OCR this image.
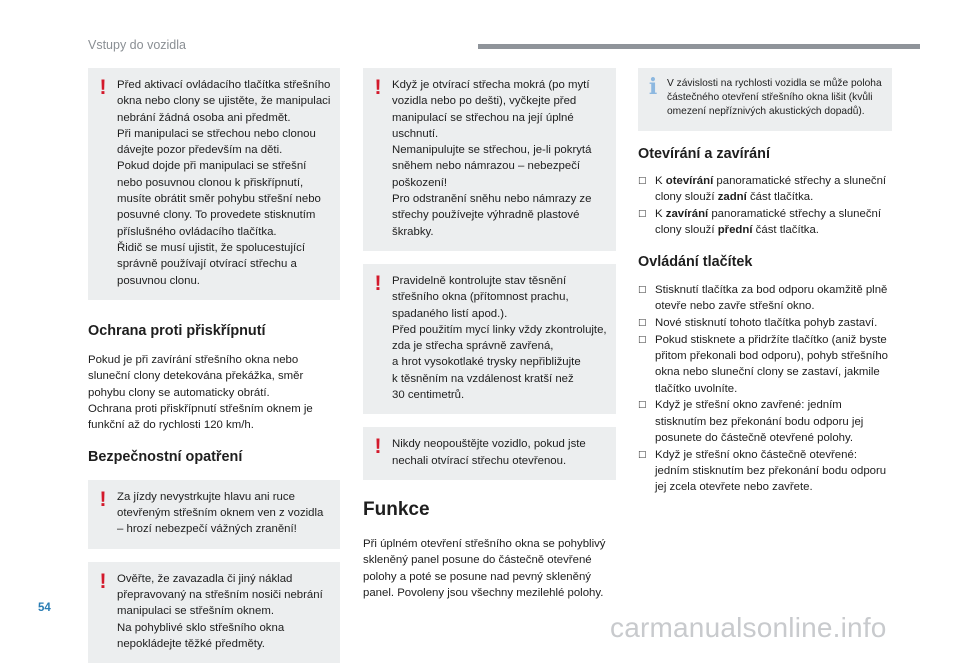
Vstupy do vozidla
! Před aktivací ovládacího tlačítka střešního okna nebo clony se ujistěte, že manipulaci nebrání žádná osoba ani předmět.
Při manipulaci se střechou nebo clonou dávejte pozor především na děti.
Pokud dojde při manipulaci se střešní nebo posuvnou clonou k přiskřípnutí, musíte obrátit směr pohybu střešní nebo posuvné clony. To provedete stisknutím příslušného ovládacího tlačítka.
Řidič se musí ujistit, že spolucestující správně používají otvírací střechu a posuvnou clonu.

Ochrana proti přiskřípnutí

Pokud je při zavírání střešního okna nebo sluneční clony detekována překážka, směr pohybu clony se automaticky obrátí.
Ochrana proti přiskřípnutí střešním oknem je funkční až do rychlosti 120 km/h.

Bezpečnostní opatření
! Za jízdy nevystrkujte hlavu ani ruce otevřeným střešním oknem ven z vozidla – hrozí nebezpečí vážných zranění!

! Ověřte, že zavazadla či jiný náklad přepravovaný na střešním nosiči nebrání manipulaci se střešním oknem.
Na pohyblivé sklo střešního okna nepokládejte těžké předměty.

! Když je otvírací střecha mokrá (po mytí vozidla nebo po dešti), vyčkejte před manipulací se střechou na její úplné uschnutí.
Nemanipulujte se střechou, je-li pokrytá sněhem nebo námrazou – nebezpečí poškození!
Pro odstranění sněhu nebo námrazy ze střechy používejte výhradně plastové škrabky.

! Pravidelně kontrolujte stav těsnění střešního okna (přítomnost prachu, spadaného listí apod.).
Před použitím mycí linky vždy zkontrolujte, zda je střecha správně zavřená,
a hrot vysokotlaké trysky nepřibližujte
k těsněním na vzdálenost kratší než
30 centimetrů.

! Nikdy neopouštějte vozidlo, pokud jste nechali otvírací střechu otevřenou.

Funkce

Při úplném otevření střešního okna se pohyblivý skleněný panel posune do částečně otevřené polohy a poté se posune nad pevný skleněný panel. Povoleny jsou všechny mezilehlé polohy.

i V závislosti na rychlosti vozidla se může poloha částečného otevření střešního okna lišit (kvůli omezení nepříznivých akustických dopadů).

Otevírání a zavírání
☐ K otevírání panoramatické střechy a sluneční clony slouží zadní část tlačítka.
☐ K zavírání panoramatické střechy a sluneční clony slouží přední část tlačítka.
Ovládání tlačítek
☐ Stisknutí tlačítka za bod odporu okamžitě plně otevře nebo zavře střešní okno.
☐ Nové stisknutí tohoto tlačítka pohyb zastaví.
☐ Pokud stisknete a přidržíte tlačítko (aniž byste přitom překonali bod odporu), pohyb střešního okna nebo sluneční clony se zastaví, jakmile tlačítko uvolníte.
☐ Když je střešní okno zavřené: jedním stisknutím bez překonání bodu odporu jej posunete do částečně otevřené polohy.
☐ Když je střešní okno částečně otevřené: jedním stisknutím bez překonání bodu odporu jej zcela otevřete nebo zavřete.
54
carmanualsonline.info
